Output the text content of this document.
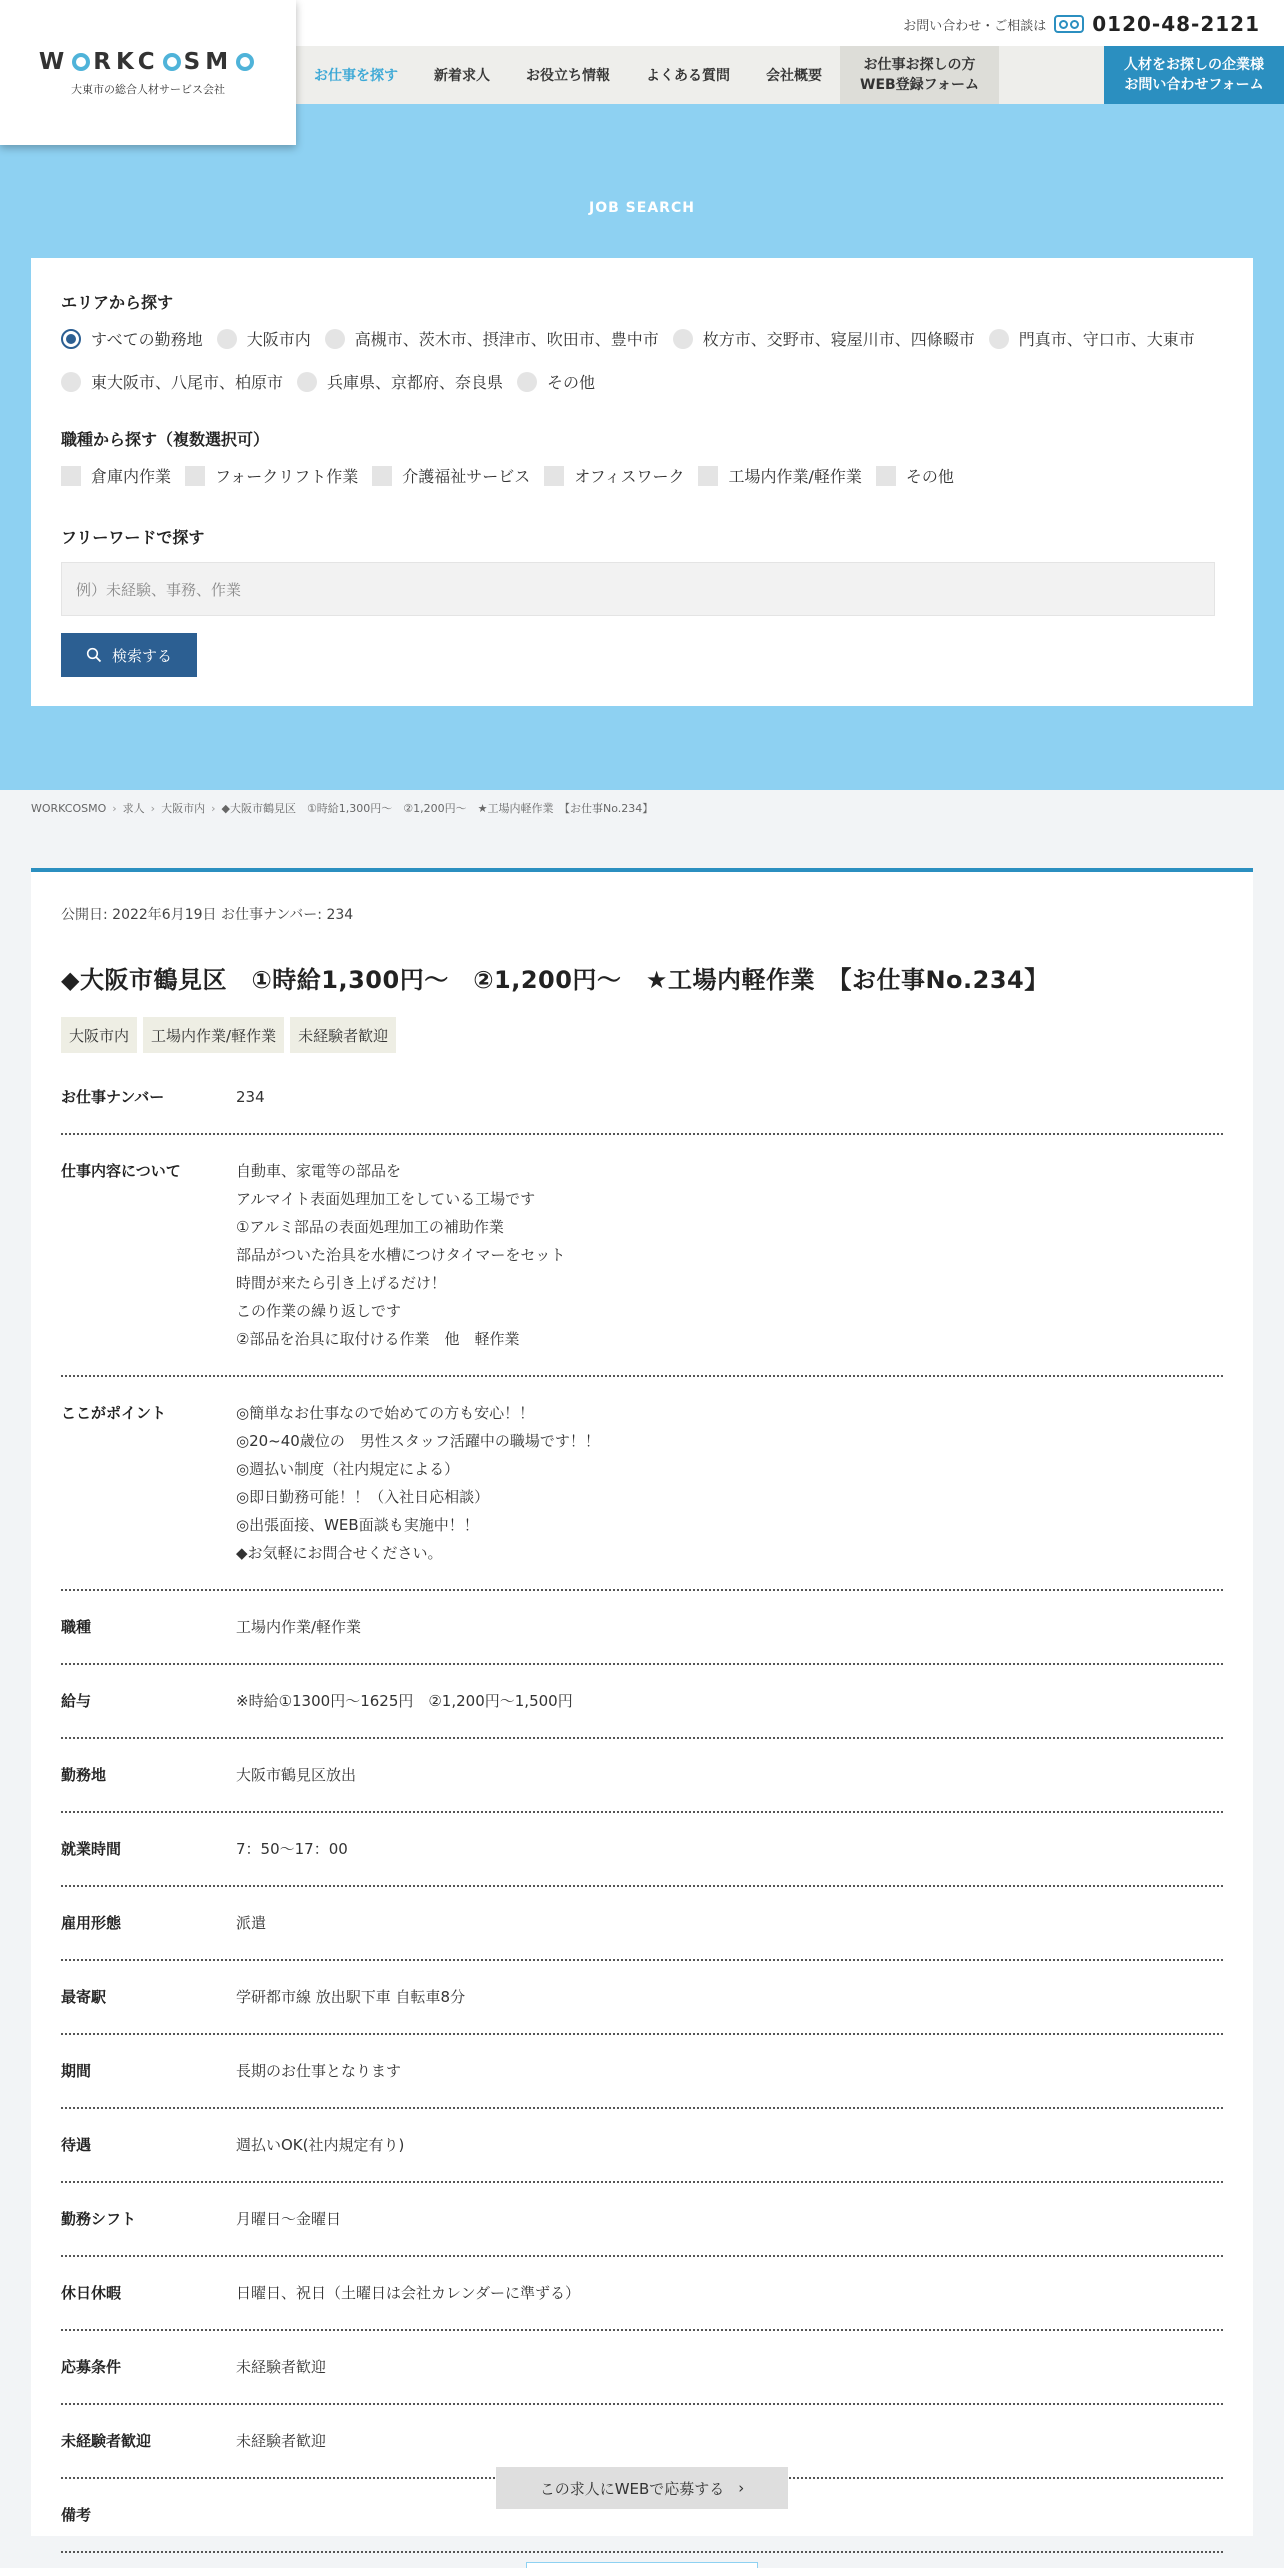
W RKC SM
大東市の総合人材サービス会社
お問い合わせ・ご相談は 0120-48-2121
お仕事を探す	新着求人	お役立ち情報	よくある質問	会社概要
お仕事お探しの方
WEB登録フォーム
人材をお探しの企業様
お問い合わせフォーム
JOB SEARCH
エリアから探す
すべての勤務地	大阪市内	高槻市、茨木市、摂津市、吹田市、豊中市	枚方市、交野市、寝屋川市、四條畷市	門真市、守口市、大東市
東大阪市、八尾市、柏原市	兵庫県、京都府、奈良県	その他
職種から探す（複数選択可）
倉庫内作業	フォークリフト作業	介護福祉サービス	オフィスワーク	工場内作業/軽作業	その他
フリーワードで探す
例）未経験、事務、作業
検索する
WORKCOSMO › 求人 › 大阪市内 › ◆大阪市鶴見区　①時給1,300円〜　②1,200円〜　★工場内軽作業　【お仕事No.234】
公開日: 2022年6月19日 お仕事ナンバー: 234
◆大阪市鶴見区　①時給1,300円〜　②1,200円〜　★工場内軽作業　【お仕事No.234】
大阪市内	工場内作業/軽作業	未経験者歓迎
お仕事ナンバー	234
仕事内容について	自動車、家電等の部品を
アルマイト表面処理加工をしている工場です
①アルミ部品の表面処理加工の補助作業
部品がついた治具を水槽につけタイマーをセット
時間が来たら引き上げるだけ！
この作業の繰り返しです
②部品を治具に取付ける作業　他　軽作業
ここがポイント	◎簡単なお仕事なので始めての方も安心！！
◎20~40歳位の　男性スタッフ活躍中の職場です！！
◎週払い制度（社内規定による）
◎即日勤務可能！！（入社日応相談）
◎出張面接、WEB面談も実施中！！
◆お気軽にお問合せください。
職種	工場内作業/軽作業
給与	※時給①1300円〜1625円　②1,200円〜1,500円
勤務地	大阪市鶴見区放出
就業時間	7：50〜17：00
雇用形態	派遣
最寄駅	学研都市線 放出駅下車 自転車8分
期間	長期のお仕事となります
待遇	週払いOK(社内規定有り)
勤務シフト	月曜日〜金曜日
休日休暇	日曜日、祝日（土曜日は会社カレンダーに準ずる）
応募条件	未経験者歓迎
未経験者歓迎	未経験者歓迎
備考
この求人にWEBで応募する ›
